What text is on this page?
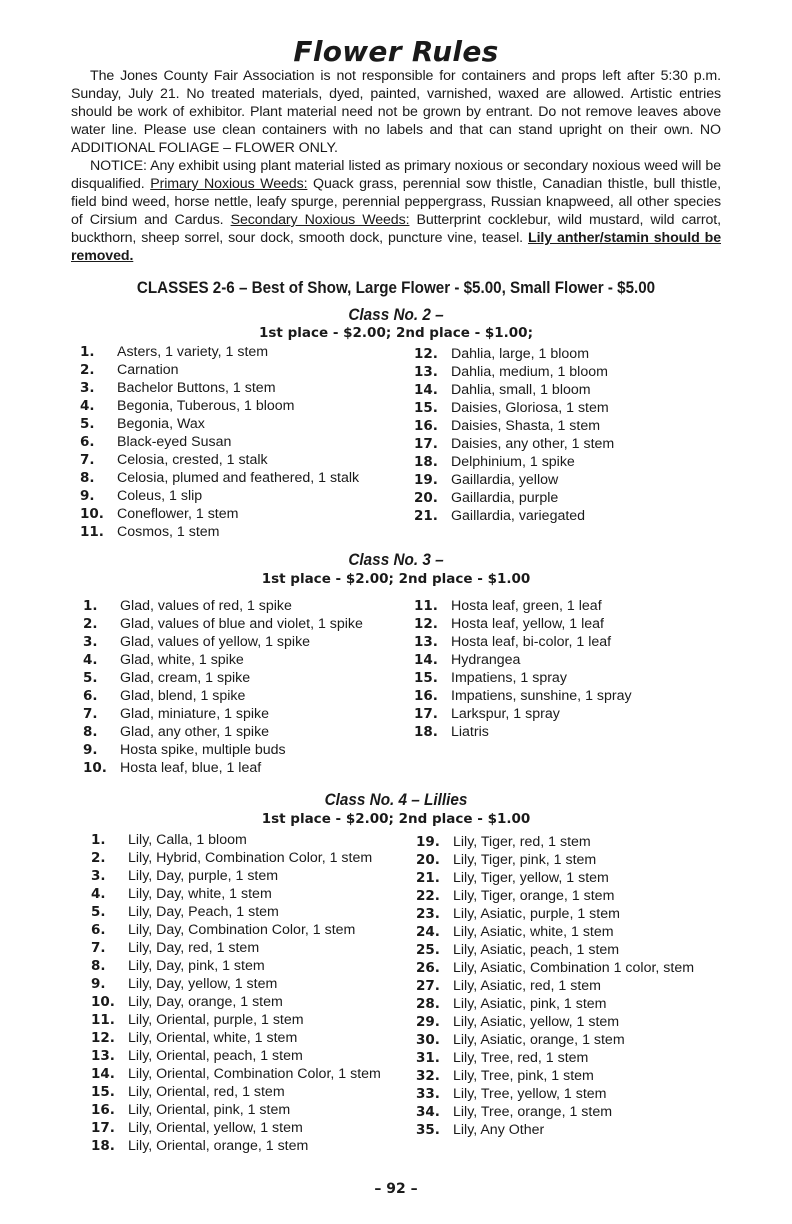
Flower Rules

The Jones County Fair Association is not responsible for containers and props left after 5:30 p.m. Sunday, July 21. No treated materials, dyed, painted, varnished, waxed are allowed. Artistic entries should be work of exhibitor. Plant material need not be grown by entrant. Do not remove leaves above water line. Please use clean containers with no labels and that can stand upright on their own. NO ADDITIONAL FOLIAGE – FLOWER ONLY.

NOTICE: Any exhibit using plant material listed as primary noxious or secondary noxious weed will be disqualified. Primary Noxious Weeds: Quack grass, perennial sow thistle, Canadian thistle, bull thistle, field bind weed, horse nettle, leafy spurge, perennial peppergrass, Russian knapweed, all other species of Cirsium and Cardus. Secondary Noxious Weeds: Butterprint cocklebur, wild mustard, wild carrot, buckthorn, sheep sorrel, sour dock, smooth dock, puncture vine, teasel. Lily anther/stamin should be removed.

CLASSES 2-6 – Best of Show, Large Flower - $5.00, Small Flower - $5.00
Class No. 2 –
1st place - $2.00; 2nd place - $1.00;
1.	Asters, 1 variety, 1 stem
2.	Carnation
3.	Bachelor Buttons, 1 stem
4.	Begonia, Tuberous, 1 bloom
5.	Begonia, Wax
6.	Black-eyed Susan
7.	Celosia, crested, 1 stalk
8.	Celosia, plumed and feathered, 1 stalk
9.	Coleus, 1 slip
10. Coneflower, 1 stem
11. Cosmos, 1 stem
12. Dahlia, large, 1 bloom
13. Dahlia, medium, 1 bloom
14. Dahlia, small, 1 bloom
15. Daisies, Gloriosa, 1 stem
16. Daisies, Shasta, 1 stem
17. Daisies, any other, 1 stem
18. Delphinium, 1 spike
19. Gaillardia, yellow
20. Gaillardia, purple
21. Gaillardia, variegated
Class No. 3 –
1st place - $2.00; 2nd place - $1.00
1.	Glad, values of red, 1 spike
2.	Glad, values of blue and violet, 1 spike
3.	Glad, values of yellow, 1 spike
4.	Glad, white, 1 spike
5.	Glad, cream, 1 spike
6.	Glad, blend, 1 spike
7.	Glad, miniature, 1 spike
8.	Glad, any other, 1 spike
9.	Hosta spike, multiple buds
10. Hosta leaf, blue, 1 leaf
11. Hosta leaf, green, 1 leaf
12. Hosta leaf, yellow, 1 leaf
13. Hosta leaf, bi-color, 1 leaf
14. Hydrangea
15. Impatiens, 1 spray
16. Impatiens, sunshine, 1 spray
17. Larkspur, 1 spray
18. Liatris
Class No. 4 – Lillies
1st place - $2.00; 2nd place - $1.00
1.	Lily, Calla, 1 bloom
2.	Lily, Hybrid, Combination Color, 1 stem
3.	Lily, Day, purple, 1 stem
4.	Lily, Day, white, 1 stem
5.	Lily, Day, Peach, 1 stem
6.	Lily, Day, Combination Color, 1 stem
7.	Lily, Day, red, 1 stem
8.	Lily, Day, pink, 1 stem
9.	Lily, Day, yellow, 1 stem
10. Lily, Day, orange, 1 stem
11. Lily, Oriental, purple, 1 stem
12. Lily, Oriental, white, 1 stem
13. Lily, Oriental, peach, 1 stem
14. Lily, Oriental, Combination Color, 1 stem
15. Lily, Oriental, red, 1 stem
16. Lily, Oriental, pink, 1 stem
17. Lily, Oriental, yellow, 1 stem
18. Lily, Oriental, orange, 1 stem
19. Lily, Tiger, red, 1 stem
20. Lily, Tiger, pink, 1 stem
21. Lily, Tiger, yellow, 1 stem
22. Lily, Tiger, orange, 1 stem
23. Lily, Asiatic, purple, 1 stem
24. Lily, Asiatic, white, 1 stem
25. Lily, Asiatic, peach, 1 stem
26. Lily, Asiatic, Combination 1 color, stem
27. Lily, Asiatic, red, 1 stem
28. Lily, Asiatic, pink, 1 stem
29. Lily, Asiatic, yellow, 1 stem
30. Lily, Asiatic, orange, 1 stem
31. Lily, Tree, red, 1 stem
32. Lily, Tree, pink, 1 stem
33. Lily, Tree, yellow, 1 stem
34. Lily, Tree, orange, 1 stem
35. Lily, Any Other
– 92 –
